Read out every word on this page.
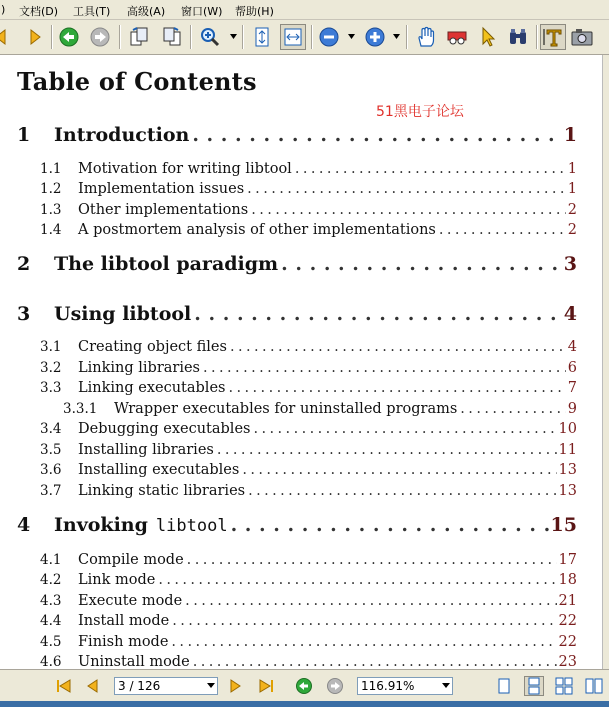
) 文档(D) 工具(T) 高级(A) 窗口(W) 帮助(H)
Table of Contents
51黑电子论坛
1	Introduction . . .	1
1.1	Motivation for writing libtool . . .	1
1.2	Implementation issues . . .	1
1.3	Other implementations . . .	2
1.4	A postmortem analysis of other implementations . . .	2
2	The libtool paradigm . . .	3
3	Using libtool . . .	4
3.1	Creating object files . . .	4
3.2	Linking libraries . . .	6
3.3	Linking executables . . .	7
3.3.1	Wrapper executables for uninstalled programs . . .	9
3.4	Debugging executables . . .	10
3.5	Installing libraries . . .	11
3.6	Installing executables . . .	13
3.7	Linking static libraries . . .	13
4	Invoking libtool . . .	15
4.1	Compile mode . . .	17
4.2	Link mode . . .	18
4.3	Execute mode . . .	21
4.4	Install mode . . .	22
4.5	Finish mode . . .	22
4.6	Uninstall mode . . .	23
3 / 126	116.91%
